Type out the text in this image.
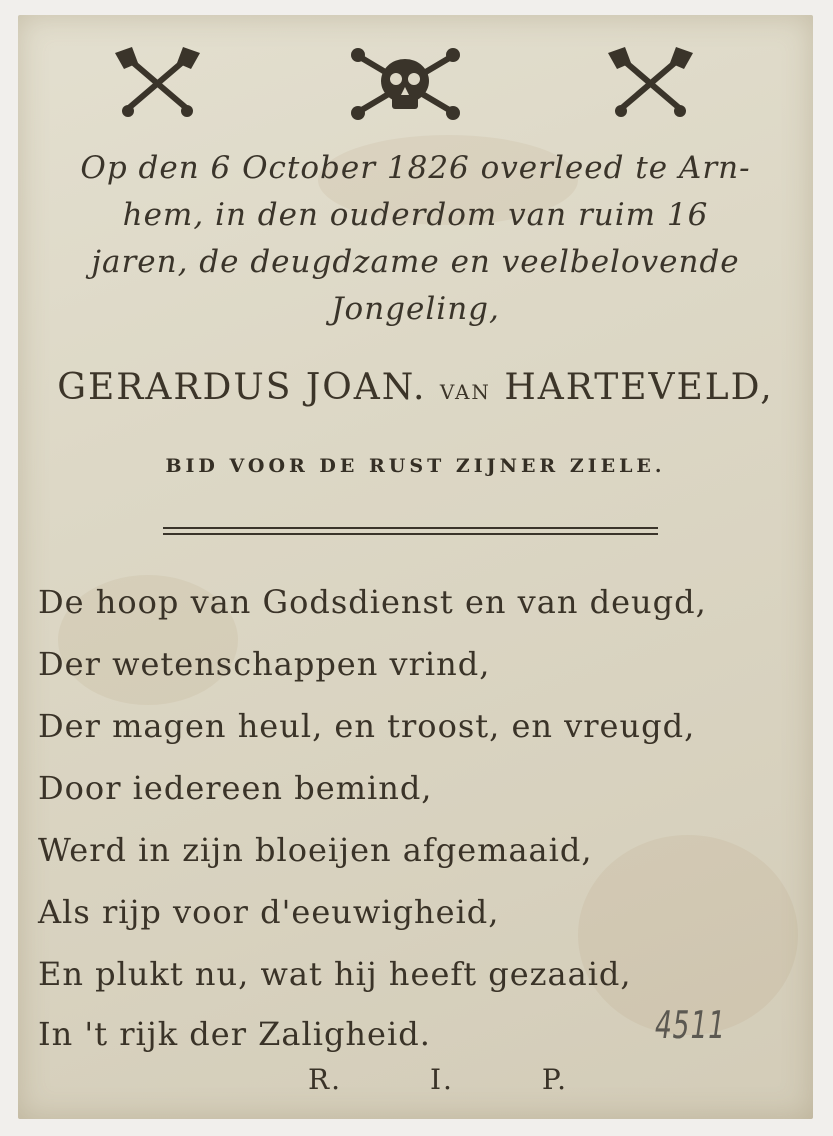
Op den 6 October 1826 overleed te Arn-
hem, in den ouderdom van ruim 16
jaren, de deugdzame en veelbelovende
Jongeling,
GERARDUS JOAN. van HARTEVELD,
BID VOOR DE RUST ZIJNER ZIELE.
De hoop van Godsdienst en van deugd,
Der wetenschappen vrind,
Der magen heul, en troost, en vreugd,
Door iedereen bemind,
Werd in zijn bloeijen afgemaaid,
Als rijp voor d'eeuwigheid,
En plukt nu, wat hij heeft gezaaid,
In 't rijk der Zaligheid.	4511
R.	I.	P.
